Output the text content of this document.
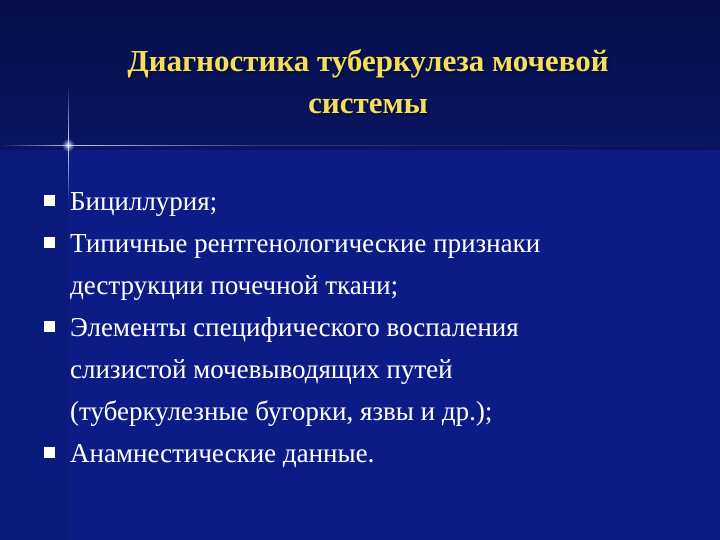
Диагностика туберкулеза мочевой
системы
Бициллурия;
Типичные рентгенологические признаки
деструкции почечной ткани;
Элементы специфического воспаления
слизистой мочевыводящих путей
(туберкулезные бугорки, язвы и др.);
Анамнестические данные.
